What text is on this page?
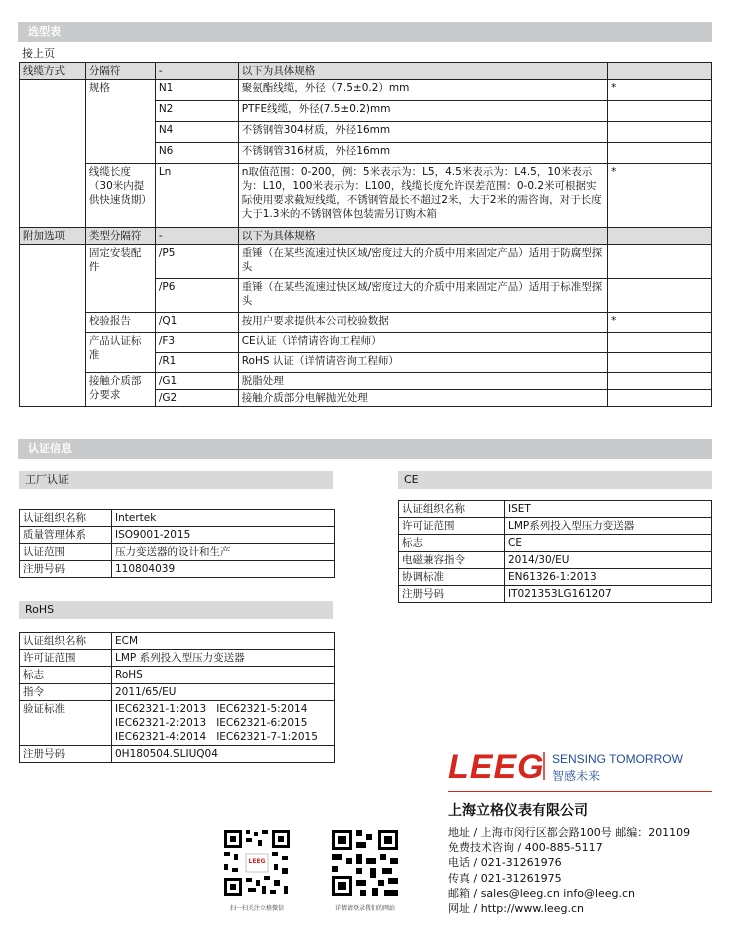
选型表
接上页
线缆方式	分隔符	-	以下为具体规格	
	规格	N1	聚氨酯线缆，外径（7.5±0.2）mm	*
		N2	PTFE线缆，外径(7.5±0.2)mm	
		N4	不锈钢管304材质，外径16mm	
		N6	不锈钢管316材质，外径16mm	
	线缆长度（30米内提供快速货期）	Ln	n取值范围：0-200，例：5米表示为：L5，4.5米表示为：L4.5，10米表示为：L10，100米表示为：L100，线缆长度允许误差范围：0-0.2米可根据实际使用要求截短线缆，不锈钢管最长不超过2米，大于2米的需咨询，对于长度大于1.3米的不锈钢管体包装需另订购木箱	*
附加选项	类型分隔符	-	以下为具体规格	
	固定安装配件	/P5	重锤（在某些流速过快区域/密度过大的介质中用来固定产品）适用于防腐型探头	
		/P6	重锤（在某些流速过快区域/密度过大的介质中用来固定产品）适用于标准型探头	
	校验报告	/Q1	按用户要求提供本公司校验数据	*
	产品认证标准	/F3	CE认证（详情请咨询工程师）	
		/R1	RoHS 认证（详情请咨询工程师）	
	接触介质部分要求	/G1	脱脂处理	
		/G2	接触介质部分电解抛光处理	
认证信息
工厂认证
认证组织名称	Intertek
质量管理体系	ISO9001-2015
认证范围	压力变送器的设计和生产
注册号码	110804039
CE
认证组织名称	ISET
许可证范围	LMP系列投入型压力变送器
标志	CE
电磁兼容指令	2014/30/EU
协调标准	EN61326-1:2013
注册号码	IT021353LG161207
RoHS
认证组织名称	ECM
许可证范围	LMP 系列投入型压力变送器
标志	RoHS
指令	2011/65/EU
验证标准	IEC62321-1:2013   IEC62321-5:2014
IEC62321-2:2013   IEC62321-6:2015
IEC62321-4:2014   IEC62321-7-1:2015

注册号码	0H180504.SLIUQ04	LEEG SENSING TOMORROW
智感未来
上海立格仪表有限公司
地址 / 上海市闵行区都会路100号 邮编：201109
免费技术咨询 / 400-885-5117
电话 / 021-31261976
传真 / 021-31261975
邮箱 / sales@leeg.cn info@leeg.cn
网址 / http://www.leeg.cn
LEEG
扫一扫关注立格微信	详情请登录我们的网站
